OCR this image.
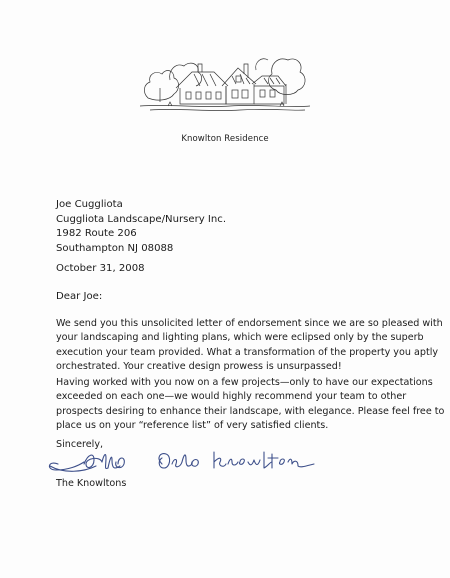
Knowlton Residence
Joe Cuggliota
Cuggliota Landscape/Nursery Inc.
1982 Route 206
Southampton NJ 08088
October 31, 2008
Dear Joe:
We send you this unsolicited letter of endorsement since we are so pleased with
your landscaping and lighting plans, which were eclipsed only by the superb
execution your team provided. What a transformation of the property you aptly
orchestrated. Your creative design prowess is unsurpassed!
Having worked with you now on a few projects—only to have our expectations
exceeded on each one—we would highly recommend your team to other
prospects desiring to enhance their landscape, with elegance. Please feel free to
place us on your “reference list” of very satisfied clients.
Sincerely,
The Knowltons
